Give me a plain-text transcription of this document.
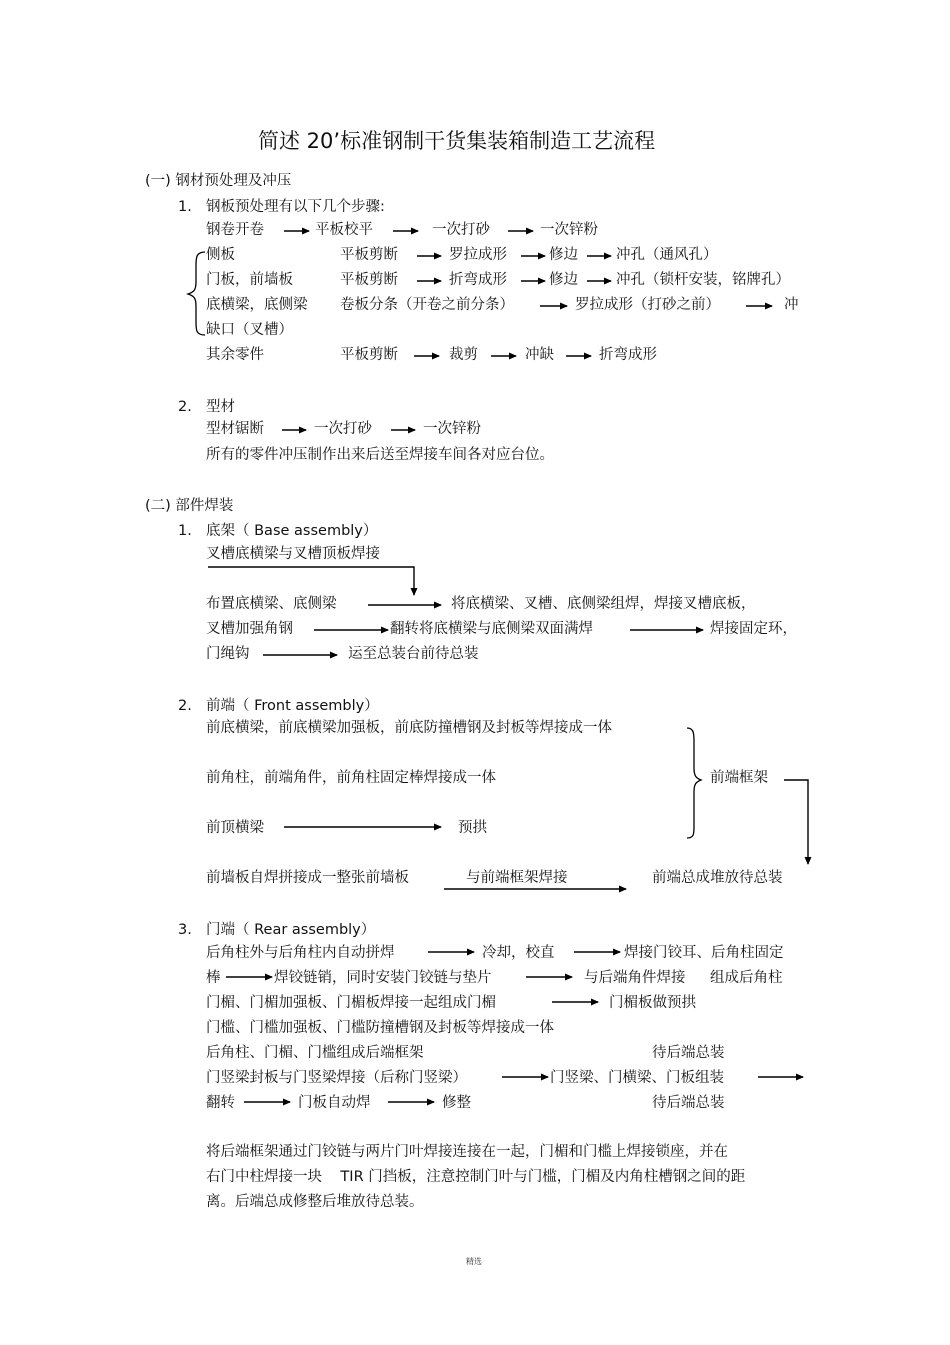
简述 20’标准钢制干货集装箱制造工艺流程
(一) 钢材预处理及冲压
1. 钢板预处理有以下几个步骤:
钢卷开卷	平板校平	一次打砂	一次锌粉
侧板	平板剪断	罗拉成形	修边	冲孔（通风孔）
门板，前墙板	平板剪断	折弯成形	修边	冲孔（锁杆安装，铭牌孔）
底横梁，底侧梁 卷板分条（开卷之前分条）	罗拉成形（打砂之前）	冲
缺口（叉槽）
其余零件	平板剪断	裁剪	冲缺	折弯成形
2. 型材
型材锯断	一次打砂	一次锌粉
所有的零件冲压制作出来后送至焊接车间各对应台位。
(二) 部件焊装
1. 底架（ Base assembly）
叉槽底横梁与叉槽顶板焊接
布置底横梁、底侧梁	将底横梁、叉槽、底侧梁组焊，焊接叉槽底板，
叉槽加强角钢	翻转将底横梁与底侧梁双面满焊	焊接固定环，
门绳钩	运至总装台前待总装
2. 前端（ Front assembly）
前底横梁，前底横梁加强板，前底防撞槽钢及封板等焊接成一体
前角柱，前端角件，前角柱固定棒焊接成一体	前端框架
前顶横梁	预拱
前墙板自焊拼接成一整张前墙板	与前端框架焊接	前端总成堆放待总装
3. 门端（ Rear assembly）
后角柱外与后角柱内自动拼焊	冷却，校直	焊接门铰耳、后角柱固定
棒	焊铰链销，同时安装门铰链与垫片	与后端角件焊接 组成后角柱
门楣、门楣加强板、门楣板焊接一起组成门楣	门楣板做预拱
门槛、门槛加强板、门槛防撞槽钢及封板等焊接成一体
后角柱、门楣、门槛组成后端框架	待后端总装
门竖梁封板与门竖梁焊接（后称门竖梁）	门竖梁、门横梁、门板组装
翻转	门板自动焊	修整	待后端总装
将后端框架通过门铰链与两片门叶焊接连接在一起，门楣和门槛上焊接锁座，并在
右门中柱焊接一块    TIR 门挡板，注意控制门叶与门槛，门楣及内角柱槽钢之间的距
离。后端总成修整后堆放待总装。
精选
